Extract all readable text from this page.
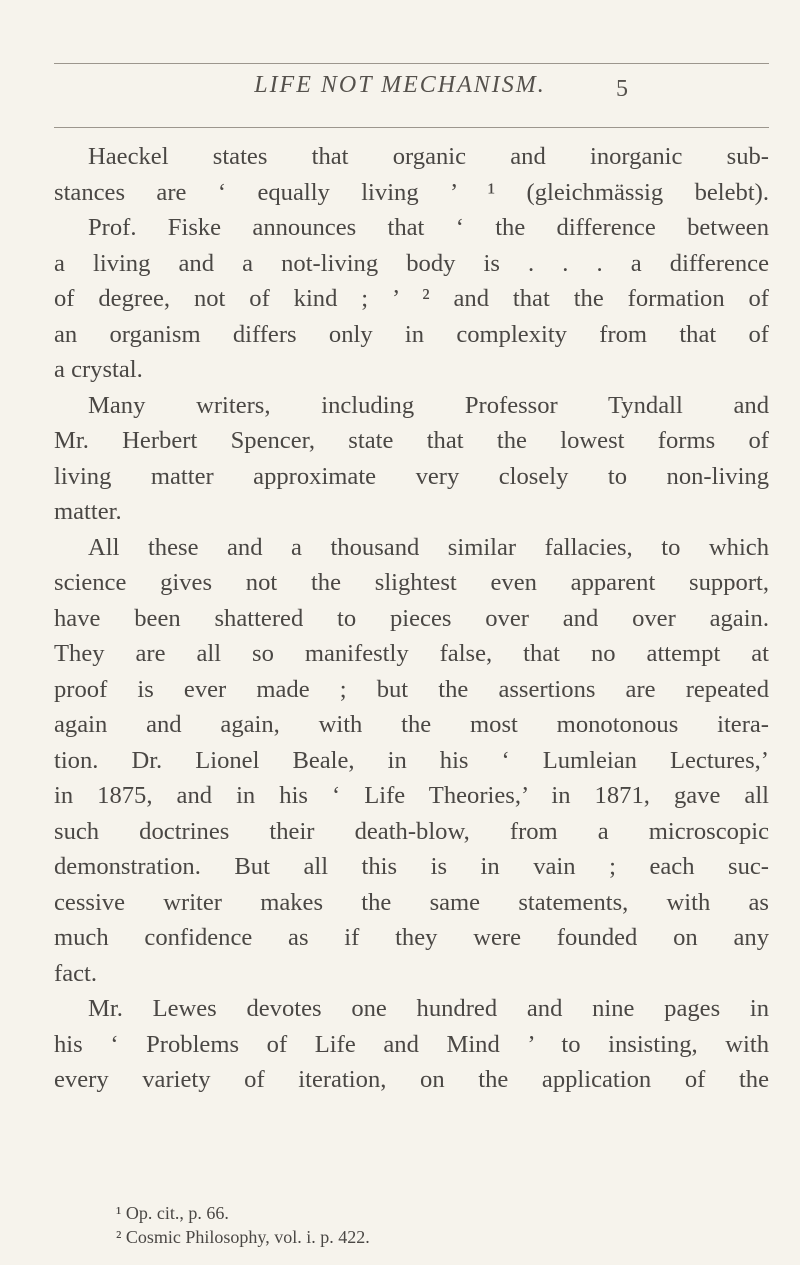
LIFE NOT MECHANISM.	5
Haeckel states that organic and inorganic sub-
stances are ‘ equally living ’ ¹ (gleichmässig belebt).
Prof. Fiske announces that ‘ the difference between
a living and a not-living body is . . . a difference
of degree, not of kind ; ’ ² and that the formation of
an organism differs only in complexity from that of
a crystal.
Many writers, including Professor Tyndall and
Mr. Herbert Spencer, state that the lowest forms of
living matter approximate very closely to non-living
matter.
All these and a thousand similar fallacies, to which
science gives not the slightest even apparent support,
have been shattered to pieces over and over again.
They are all so manifestly false, that no attempt at
proof is ever made ; but the assertions are repeated
again and again, with the most monotonous itera-
tion. Dr. Lionel Beale, in his ‘ Lumleian Lectures,’
in 1875, and in his ‘ Life Theories,’ in 1871, gave all
such doctrines their death-blow, from a microscopic
demonstration. But all this is in vain ; each suc-
cessive writer makes the same statements, with as
much confidence as if they were founded on any
fact.
Mr. Lewes devotes one hundred and nine pages in
his ‘ Problems of Life and Mind ’ to insisting, with
every variety of iteration, on the application of the
¹ Op. cit., p. 66.
² Cosmic Philosophy, vol. i. p. 422.
